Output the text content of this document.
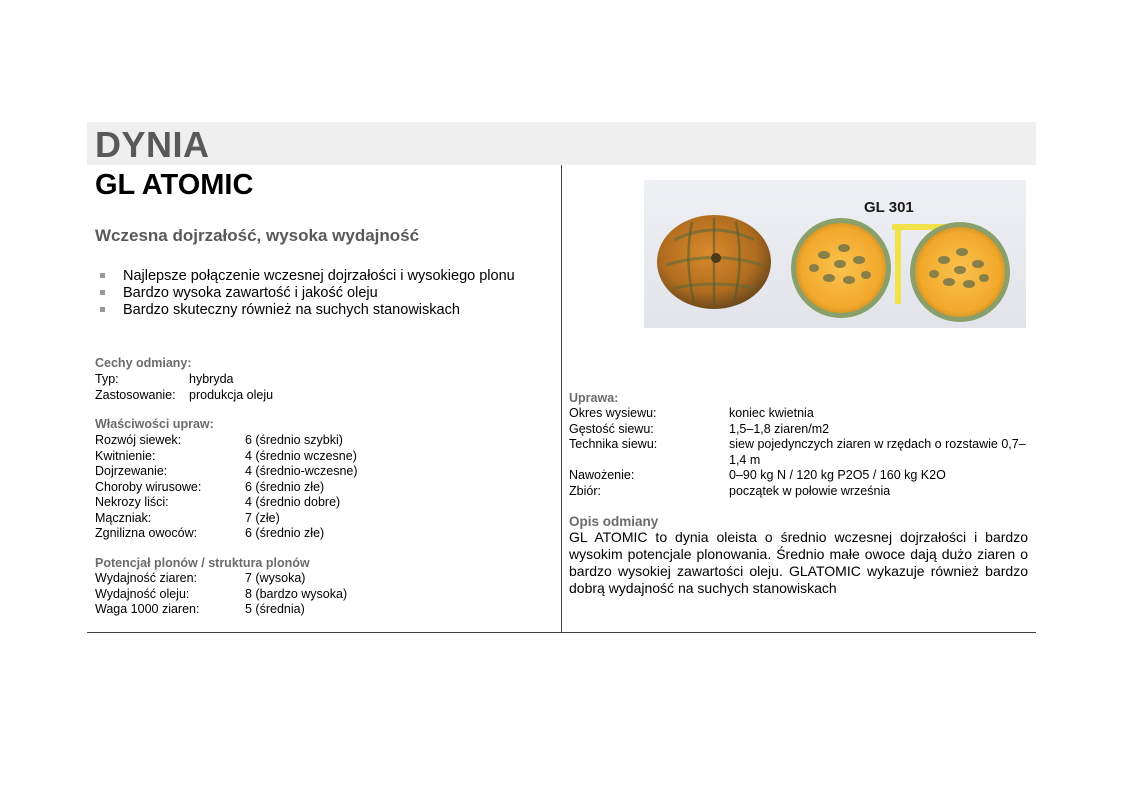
DYNIA
GL ATOMIC
Wczesna dojrzałość, wysoka wydajność
Najlepsze połączenie wczesnej dojrzałości i wysokiego plonu
Bardzo wysoka zawartość i jakość oleju
Bardzo skuteczny również na suchych stanowiskach
Cechy odmiany:
Typ:	hybryda
Zastosowanie:	produkcja oleju
Właściwości upraw:
Rozwój siewek:	6 (średnio szybki)
Kwitnienie:	4 (średnio wczesne)
Dojrzewanie:	4 (średnio-wczesne)
Choroby wirusowe:	6 (średnio złe)
Nekrozy liści:	4 (średnio dobre)
Mączniak:	7 (złe)
Zgnilizna owoców:	6 (średnio złe)
Potencjał plonów / struktura plonów
Wydajność ziaren:	7 (wysoka)
Wydajność oleju:	8 (bardzo wysoka)
Waga 1000 ziaren:	5 (średnia)
GL 301
Uprawa:
Okres wysiewu:	koniec kwietnia
Gęstość siewu:	1,5–1,8 ziaren/m2
Technika siewu:	siew pojedynczych ziaren w rzędach o rozstawie 0,7–1,4 m
Nawożenie:	0–90 kg N / 120 kg P2O5 / 160 kg K2O
Zbiór:	początek w połowie września
Opis odmiany
GL ATOMIC to dynia oleista o średnio wczesnej dojrzałości i bardzo wysokim potencjale plonowania. Średnio małe owoce dają dużo ziaren o bardzo wysokiej zawartości oleju. GLATOMIC wykazuje również bardzo dobrą wydajność na suchych stanowiskach
